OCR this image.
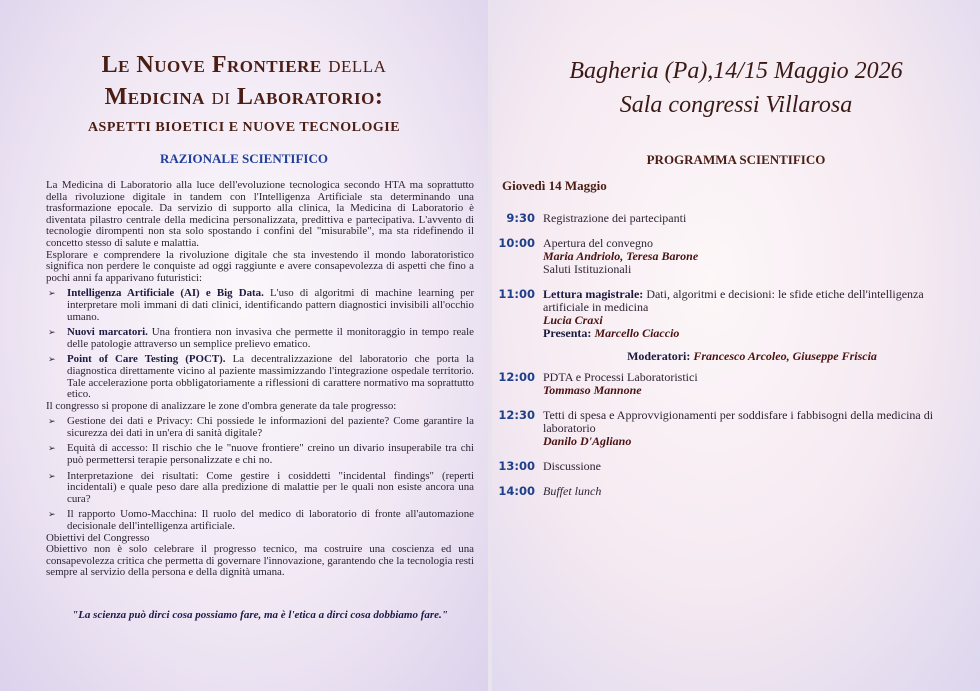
Le Nuove Frontiere della
Medicina di Laboratorio:
ASPETTI BIOETICI E NUOVE TECNOLOGIE
RAZIONALE SCIENTIFICO

La Medicina di Laboratorio alla luce dell'evoluzione tecnologica secondo HTA ma soprattutto della rivoluzione digitale in tandem con l'Intelligenza Artificiale sta determinando una trasformazione epocale. Da servizio di supporto alla clinica, la Medicina di Laboratorio è diventata pilastro centrale della medicina personalizzata, predittiva e partecipativa. L'avvento di tecnologie dirompenti non sta solo spostando i confini del "misurabile", ma sta ridefinendo il concetto stesso di salute e malattia.

Esplorare e comprendere la rivoluzione digitale che sta investendo il mondo laboratoristico significa non perdere le conquiste ad oggi raggiunte e avere consapevolezza di aspetti che fino a pochi anni fa apparivano futuristici:

➢	Intelligenza Artificiale (AI) e Big Data. L'uso di algoritmi di machine learning per interpretare moli immani di dati clinici, identificando pattern diagnostici invisibili all'occhio umano.
➢	Nuovi marcatori. Una frontiera non invasiva che permette il monitoraggio in tempo reale delle patologie attraverso un semplice prelievo ematico.
➢	Point of Care Testing (POCT). La decentralizzazione del laboratorio che porta la diagnostica direttamente vicino al paziente massimizzando l'integrazione ospedale territorio. Tale accelerazione porta obbligatoriamente a riflessioni di carattere normativo ma soprattutto etico.

Il congresso si propone di analizzare le zone d'ombra generate da tale progresso:

➢	Gestione dei dati e Privacy: Chi possiede le informazioni del paziente? Come garantire la sicurezza dei dati in un'era di sanità digitale?
➢	Equità di accesso: Il rischio che le "nuove frontiere" creino un divario insuperabile tra chi può permettersi terapie personalizzate e chi no.
➢	Interpretazione dei risultati: Come gestire i cosiddetti "incidental findings" (reperti incidentali) e quale peso dare alla predizione di malattie per le quali non esiste ancora una cura?
➢	Il rapporto Uomo-Macchina: Il ruolo del medico di laboratorio di fronte all'automazione decisionale dell'intelligenza artificiale.

Obiettivi del Congresso

Obiettivo non è solo celebrare il progresso tecnico, ma costruire una coscienza ed una consapevolezza critica che permetta di governare l'innovazione, garantendo che la tecnologia resti sempre al servizio della persona e della dignità umana.

"La scienza può dirci cosa possiamo fare, ma è l'etica a dirci cosa dobbiamo fare."
Bagheria (Pa),14/15 Maggio 2026
Sala congressi Villarosa
PROGRAMMA SCIENTIFICO
Giovedì 14 Maggio
9:30 Registrazione dei partecipanti
10:00 Apertura del convegno
Maria Andriolo, Teresa Barone
Saluti Istituzionali
11:00 Lettura magistrale: Dati, algoritmi e decisioni: le sfide etiche dell'intelligenza artificiale in medicina
Lucia Craxi
Presenta: Marcello Ciaccio
Moderatori: Francesco Arcoleo, Giuseppe Friscia
12:00 PDTA e Processi Laboratoristici
Tommaso Mannone
12:30 Tetti di spesa e Approvvigionamenti per soddisfare i fabbisogni della medicina di laboratorio
Danilo D'Agliano
13:00 Discussione
14:00 Buffet lunch
